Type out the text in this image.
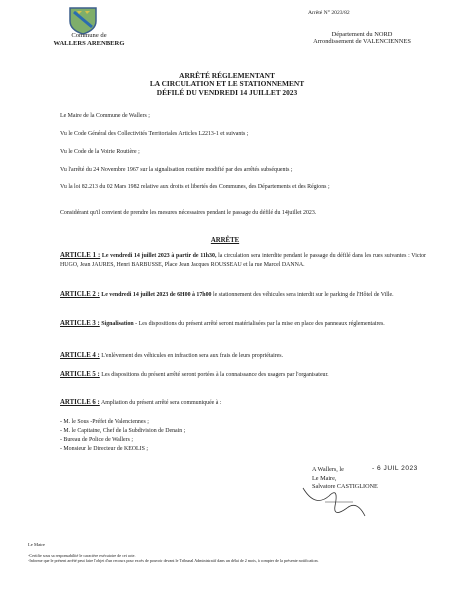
Commune de
WALLERS ARENBERG
Arrêté N° 2023/82
Département du NORD
Arrondissement de VALENCIENNES
ARRÊTÉ RÉGLEMENTANT
LA CIRCULATION ET LE STATIONNEMENT
DÉFILÉ DU VENDREDI 14 JUILLET 2023
Le Maire de la Commune de Wallers ;
Vu le Code Général des Collectivités Territoriales Articles L2213-1 et suivants ;
Vu le Code de la Voirie Routière ;
Vu l'arrêté du 24 Novembre 1967 sur la signalisation routière modifié par des arrêtés subséquents ;
Vu la loi 82.213 du 02 Mars 1982 relative aux droits et libertés des Communes, des Départements et des Régions ;
Considérant qu'il convient de prendre les mesures nécessaires pendant le passage du défilé du 14juillet 2023.
ARRÊTE
ARTICLE 1 : Le vendredi 14 juillet 2023 à partir de 11h30, la circulation sera interdite pendant le passage du défilé dans les rues suivantes : Victor HUGO, Jean JAURES, Henri BARBUSSE, Place Jean Jacques ROUSSEAU et la rue Marcel DANNA.
ARTICLE 2 : Le vendredi 14 juillet 2023 de 6H00 à 17h00 le stationnement des véhicules sera interdit sur le parking de l'Hôtel de Ville.
ARTICLE 3 : Signalisation - Les dispositions du présent arrêté seront matérialisées par la mise en place des panneaux réglementaires.
ARTICLE 4 : L'enlèvement des véhicules en infraction sera aux frais de leurs propriétaires.
ARTICLE 5 : Les dispositions du présent arrêté seront portées à la connaissance des usagers par l'organisateur.
ARTICLE 6 : Ampliation du présent arrêté sera communiquée à :
- M. le Sous -Préfet de Valenciennes ;
- M. le Capitaine, Chef de la Subdivision de Denain ;
- Bureau de Police de Wallers ;
- Monsieur le Directeur de KEOLIS ;
A Wallers, le
Le Maire,
Salvatore CASTIGLIONE
- 6 JUIL 2023
Le Maire
-Certifie sous sa responsabilité le caractère exécutoire de cet acte.
-Informe que le présent arrêté peut faire l'objet d'un recours pour excès de pouvoir devant le Tribunal Administratif dans un délai de 2 mois, à compter de la présente notification.
